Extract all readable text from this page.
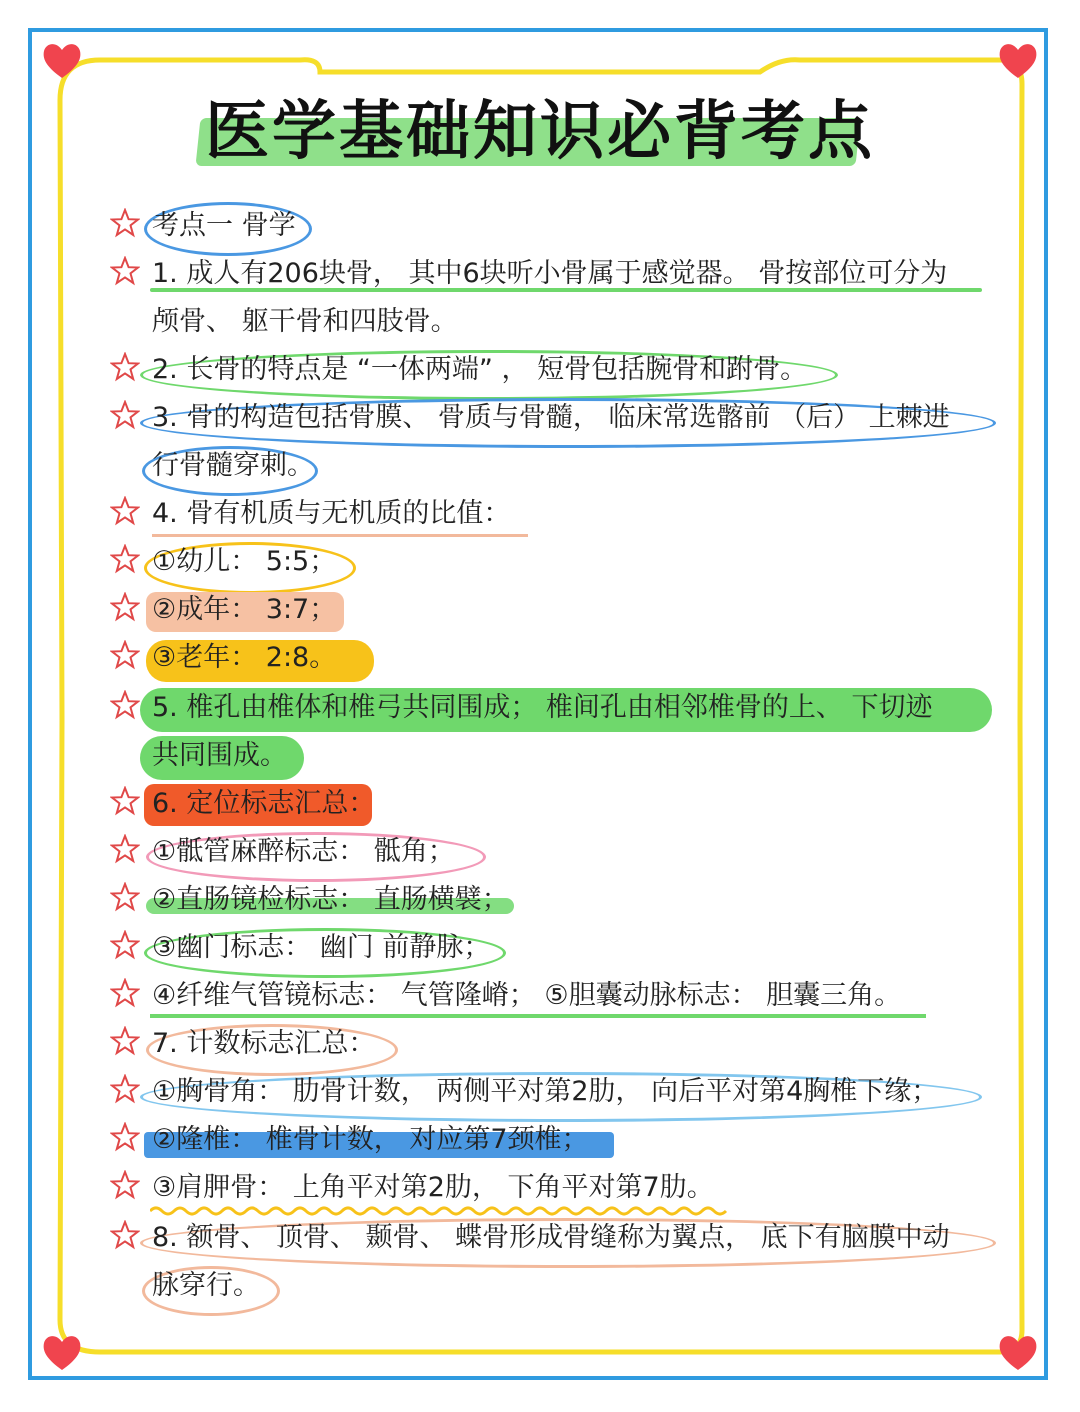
医学基础知识必背考点
考点一 骨学
1. 成人有206块骨， 其中6块听小骨属于感觉器。 骨按部位可分为
颅骨、 躯干骨和四肢骨。
2. 长骨的特点是 “一体两端” ， 短骨包括腕骨和跗骨。
3. 骨的构造包括骨膜、 骨质与骨髓， 临床常选髂前 （后） 上棘进
行骨髓穿刺。
4. 骨有机质与无机质的比值：
①幼儿： 5:5；
②成年： 3:7；
③老年： 2:8。
5. 椎孔由椎体和椎弓共同围成； 椎间孔由相邻椎骨的上、 下切迹
共同围成。
6. 定位标志汇总：
①骶管麻醉标志： 骶角；
②直肠镜检标志： 直肠横襞；
③幽门标志： 幽门 前静脉；
④纤维气管镜标志： 气管隆嵴； ⑤胆囊动脉标志： 胆囊三角。
7. 计数标志汇总：
①胸骨角： 肋骨计数， 两侧平对第2肋， 向后平对第4胸椎下缘；
②隆椎： 椎骨计数， 对应第7颈椎；
③肩胛骨： 上角平对第2肋， 下角平对第7肋。
8. 额骨、 顶骨、 颞骨、 蝶骨形成骨缝称为翼点， 底下有脑膜中动
脉穿行。
